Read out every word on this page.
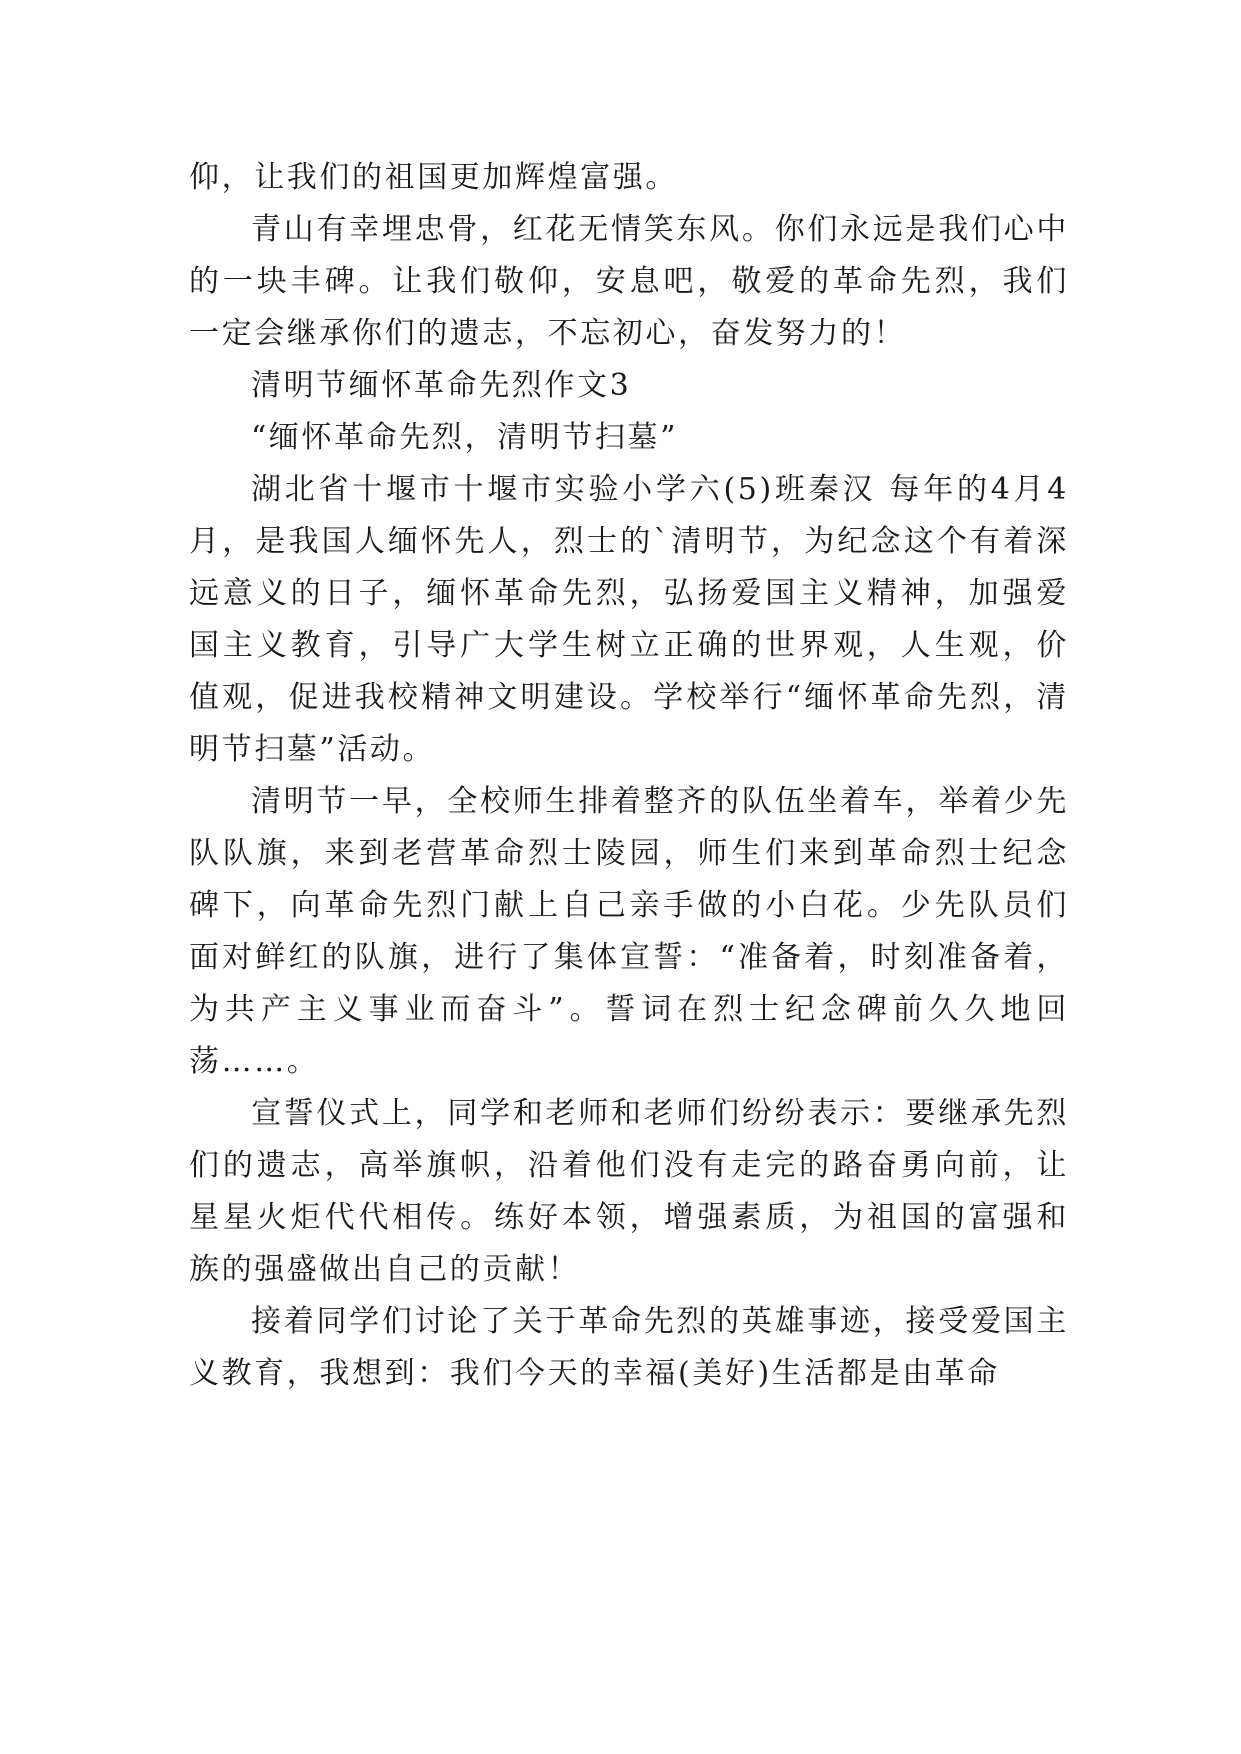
仰，让我们的祖国更加辉煌富强。

青山有幸埋忠骨，红花无情笑东风。你们永远是我们心中的一块丰碑。让我们敬仰，安息吧，敬爱的革命先烈，我们一定会继承你们的遗志，不忘初心，奋发努力的！

清明节缅怀革命先烈作文3

“缅怀革命先烈，清明节扫墓”

湖北省十堰市十堰市实验小学六(5)班秦汉 每年的4月4月，是我国人缅怀先人，烈士的`清明节，为纪念这个有着深远意义的日子，缅怀革命先烈，弘扬爱国主义精神，加强爱国主义教育，引导广大学生树立正确的世界观，人生观，价值观，促进我校精神文明建设。学校举行“缅怀革命先烈，清明节扫墓”活动。

清明节一早，全校师生排着整齐的队伍坐着车，举着少先队队旗，来到老营革命烈士陵园，师生们来到革命烈士纪念碑下，向革命先烈门献上自己亲手做的小白花。少先队员们面对鲜红的队旗，进行了集体宣誓：“准备着，时刻准备着，为共产主义事业而奋斗”。誓词在烈士纪念碑前久久地回荡……。

宣誓仪式上，同学和老师和老师们纷纷表示：要继承先烈们的遗志，高举旗帜，沿着他们没有走完的路奋勇向前，让星星火炬代代相传。练好本领，增强素质，为祖国的富强和族的强盛做出自己的贡献！

接着同学们讨论了关于革命先烈的英雄事迹，接受爱国主义教育，我想到：我们今天的幸福(美好)生活都是由革命
